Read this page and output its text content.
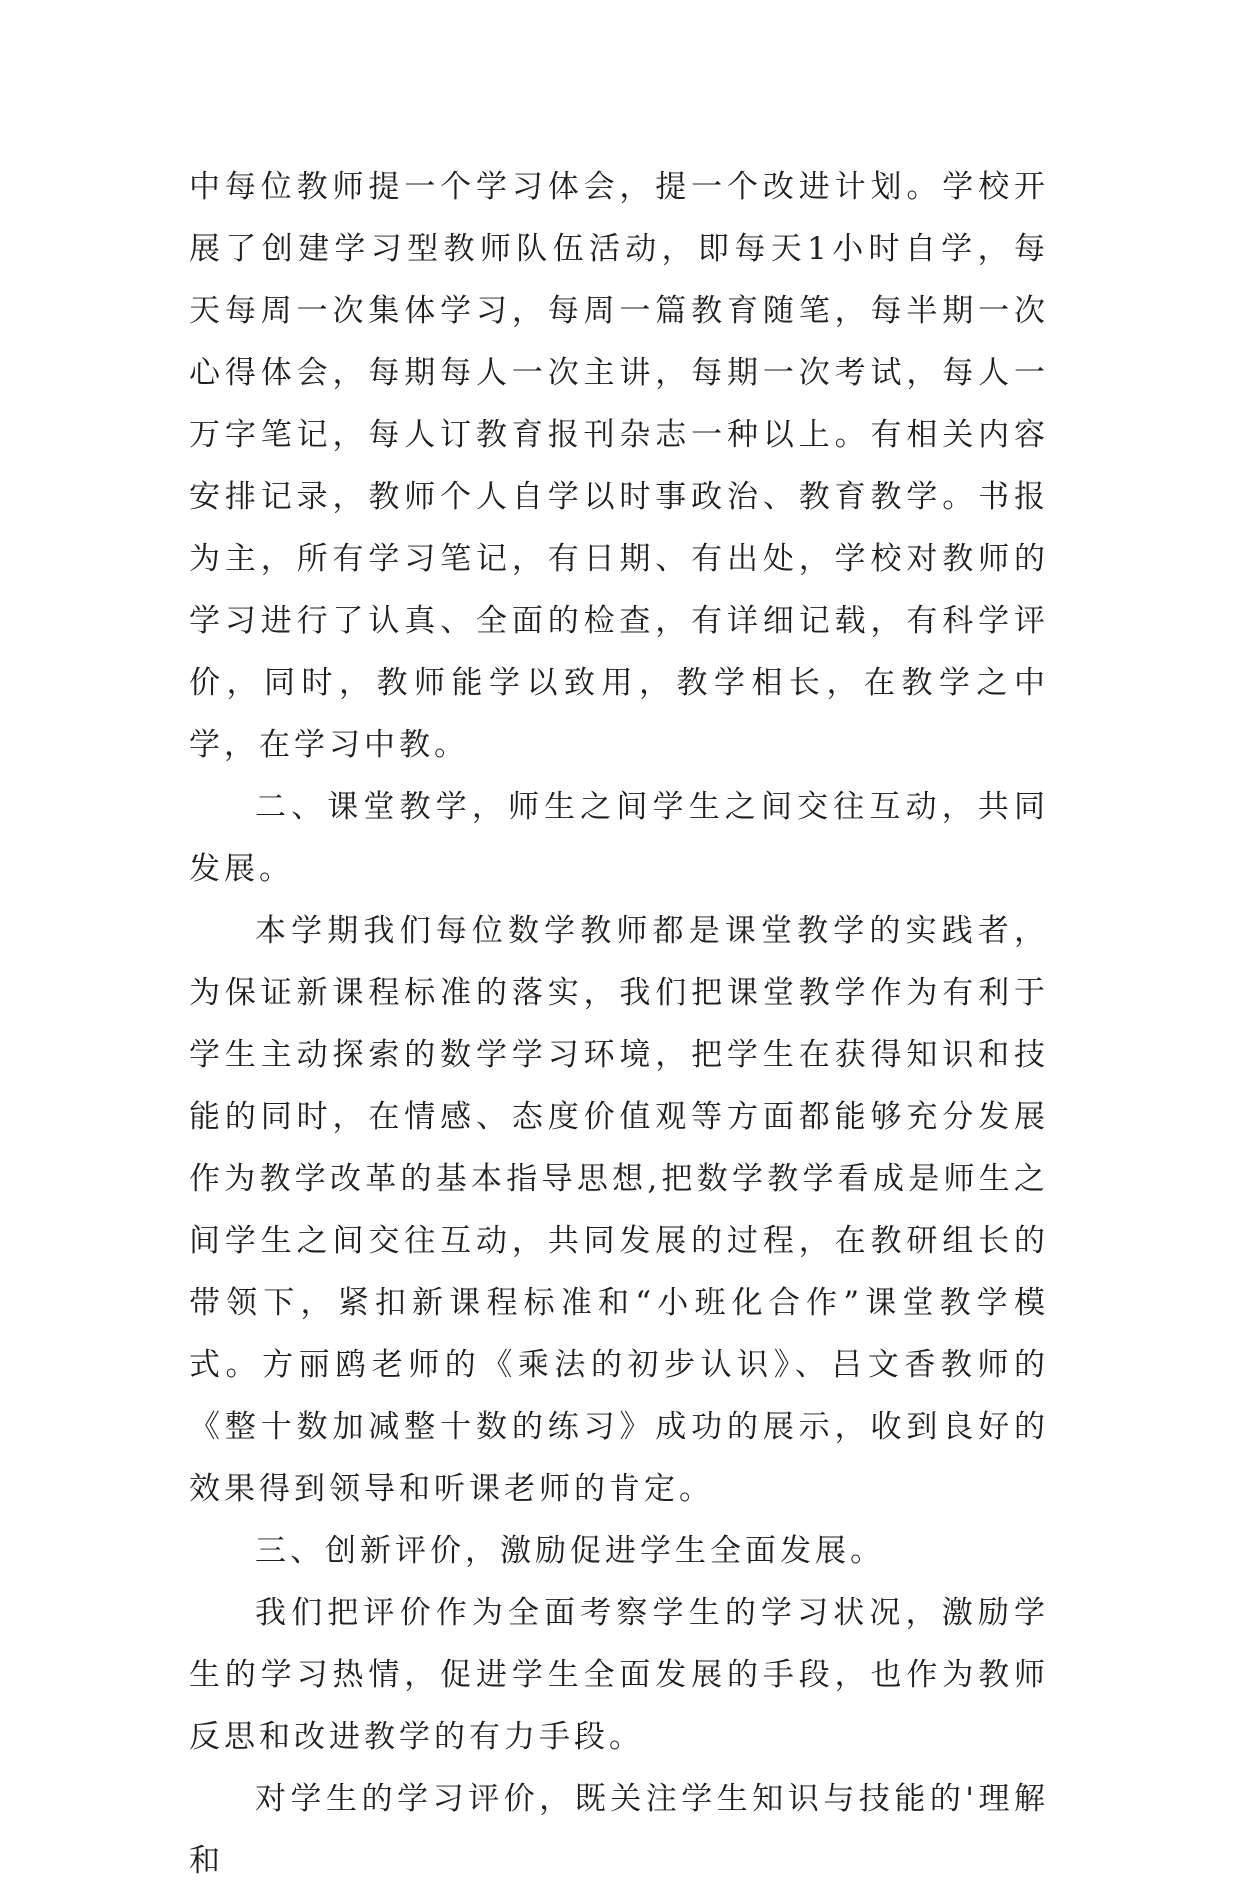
中每位教师提一个学习体会，提一个改进计划。学校开展了创建学习型教师队伍活动，即每天1小时自学，每天每周一次集体学习，每周一篇教育随笔，每半期一次心得体会，每期每人一次主讲，每期一次考试，每人一万字笔记，每人订教育报刊杂志一种以上。有相关内容安排记录，教师个人自学以时事政治、教育教学。书报为主，所有学习笔记，有日期、有出处，学校对教师的学习进行了认真、全面的检查，有详细记载，有科学评价，同时，教师能学以致用，教学相长，在教学之中学，在学习中教。

二、课堂教学，师生之间学生之间交往互动，共同发展。

本学期我们每位数学教师都是课堂教学的实践者，为保证新课程标准的落实，我们把课堂教学作为有利于学生主动探索的数学学习环境，把学生在获得知识和技能的同时，在情感、态度价值观等方面都能够充分发展作为教学改革的基本指导思想,把数学教学看成是师生之间学生之间交往互动，共同发展的过程，在教研组长的带领下，紧扣新课程标准和“小班化合作”课堂教学模式。方丽鸥老师的《乘法的初步认识》、吕文香教师的《整十数加减整十数的练习》成功的展示，收到良好的效果得到领导和听课老师的肯定。

三、创新评价，激励促进学生全面发展。

我们把评价作为全面考察学生的学习状况，激励学生的学习热情，促进学生全面发展的手段，也作为教师反思和改进教学的有力手段。

对学生的学习评价，既关注学生知识与技能的'理解和
